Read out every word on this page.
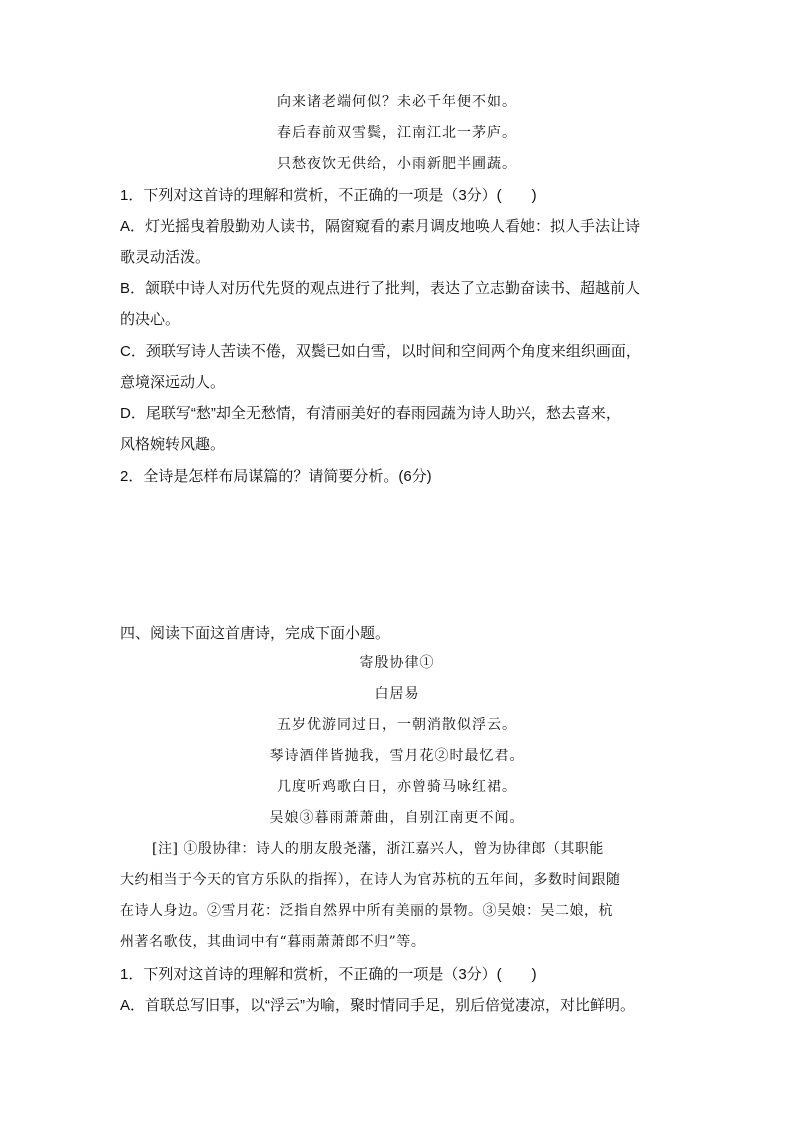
向来诸老端何似？未必千年便不如。
春后春前双雪鬓，江南江北一茅庐。
只愁夜饮无供给，小雨新肥半圃蔬。
1．下列对这首诗的理解和赏析，不正确的一项是（3分）(　　)
A．灯光摇曳着殷勤劝人读书，隔窗窥看的素月调皮地唤人看她：拟人手法让诗
歌灵动活泼。
B．颔联中诗人对历代先贤的观点进行了批判，表达了立志勤奋读书、超越前人
的决心。
C．颈联写诗人苦读不倦，双鬓已如白雪，以时间和空间两个角度来组织画面，
意境深远动人。
D．尾联写“愁”却全无愁情，有清丽美好的春雨园蔬为诗人助兴，愁去喜来，
风格婉转风趣。
2．全诗是怎样布局谋篇的？请简要分析。(6分)
四、阅读下面这首唐诗，完成下面小题。
寄殷协律①
白居易
五岁优游同过日，一朝消散似浮云。
琴诗酒伴皆抛我，雪月花②时最忆君。
几度听鸡歌白日，亦曾骑马咏红裙。
吴娘③暮雨萧萧曲，自别江南更不闻。
[注] ①殷协律：诗人的朋友殷尧藩，浙江嘉兴人，曾为协律郎（其职能
大约相当于今天的官方乐队的指挥），在诗人为官苏杭的五年间，多数时间跟随
在诗人身边。②雪月花：泛指自然界中所有美丽的景物。③吴娘：吴二娘，杭
州著名歌伎，其曲词中有“暮雨萧萧郎不归”等。
1．下列对这首诗的理解和赏析，不正确的一项是（3分）(　　)
A．首联总写旧事，以“浮云”为喻，聚时情同手足，别后倍觉凄凉，对比鲜明。
